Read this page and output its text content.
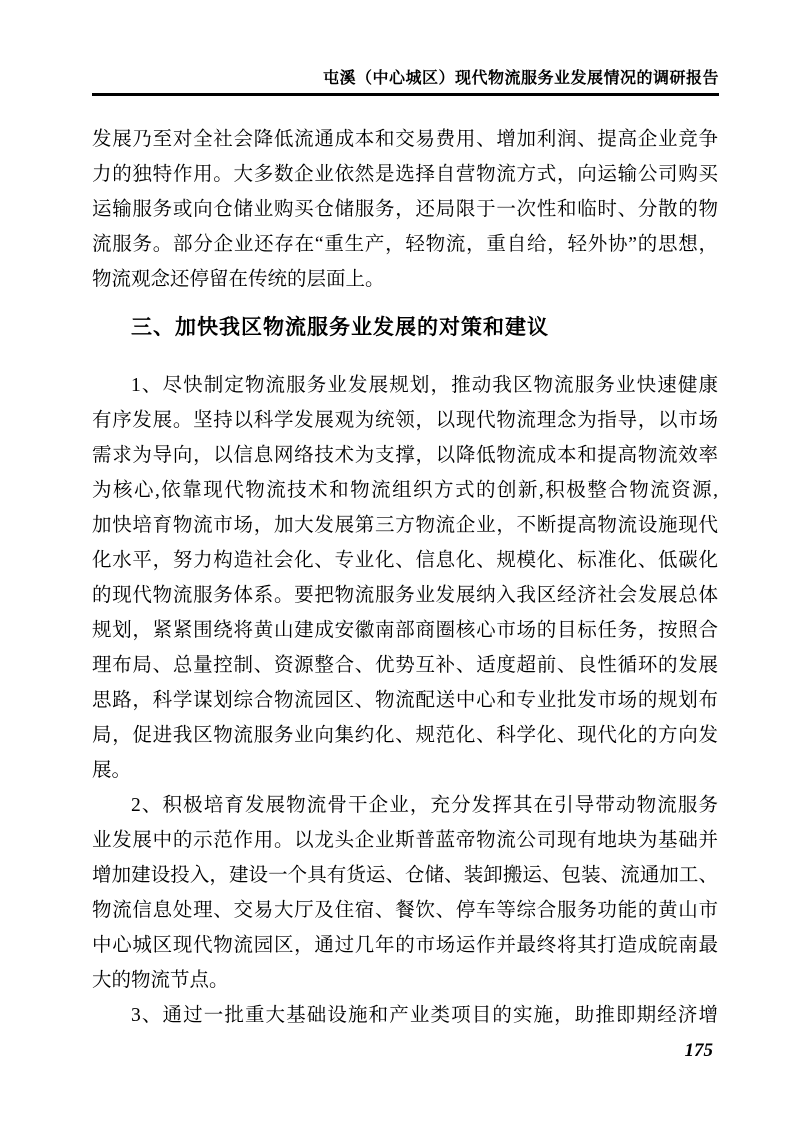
屯溪（中心城区）现代物流服务业发展情况的调研报告
发展乃至对全社会降低流通成本和交易费用、增加利润、提高企业竞争
力的独特作用。大多数企业依然是选择自营物流方式，向运输公司购买
运输服务或向仓储业购买仓储服务，还局限于一次性和临时、分散的物
流服务。部分企业还存在“重生产，轻物流，重自给，轻外协”的思想，
物流观念还停留在传统的层面上。
三、加快我区物流服务业发展的对策和建议
1、尽快制定物流服务业发展规划，推动我区物流服务业快速健康
有序发展。坚持以科学发展观为统领，以现代物流理念为指导，以市场
需求为导向，以信息网络技术为支撑，以降低物流成本和提高物流效率
为核心,依靠现代物流技术和物流组织方式的创新,积极整合物流资源,
加快培育物流市场，加大发展第三方物流企业，不断提高物流设施现代
化水平，努力构造社会化、专业化、信息化、规模化、标准化、低碳化
的现代物流服务体系。要把物流服务业发展纳入我区经济社会发展总体
规划，紧紧围绕将黄山建成安徽南部商圈核心市场的目标任务，按照合
理布局、总量控制、资源整合、优势互补、适度超前、良性循环的发展
思路，科学谋划综合物流园区、物流配送中心和专业批发市场的规划布
局，促进我区物流服务业向集约化、规范化、科学化、现代化的方向发
展。
2、积极培育发展物流骨干企业，充分发挥其在引导带动物流服务
业发展中的示范作用。以龙头企业斯普蓝帝物流公司现有地块为基础并
增加建设投入，建设一个具有货运、仓储、装卸搬运、包装、流通加工、
物流信息处理、交易大厅及住宿、餐饮、停车等综合服务功能的黄山市
中心城区现代物流园区，通过几年的市场运作并最终将其打造成皖南最
大的物流节点。
3、通过一批重大基础设施和产业类项目的实施，助推即期经济增
175
